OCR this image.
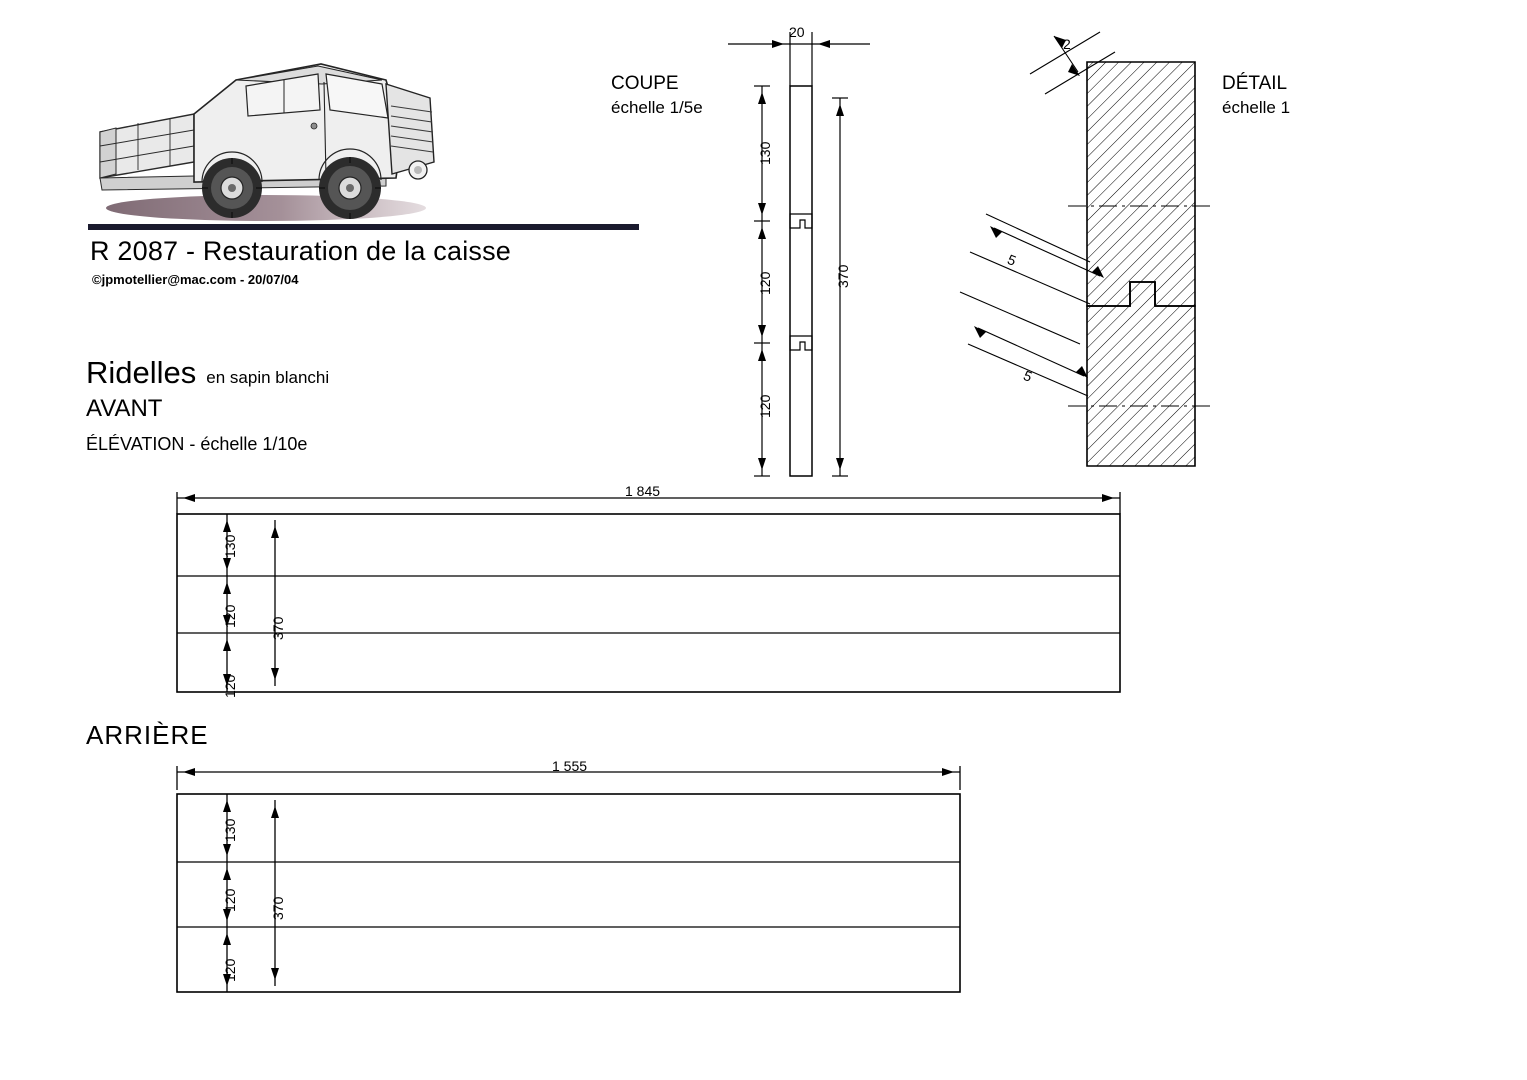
R 2087 - Restauration de la caisse
©jpmotellier@mac.com - 20/07/04
Ridelles en sapin blanchi
AVANT
ÉLÉVATION - échelle 1/10e
ARRIÈRE
COUPE
échelle 1/5e
20
130
120
120
370
DÉTAIL
échelle 1
2
5
5
1 845
130
120
120
370
1 555
130
120
120
370
